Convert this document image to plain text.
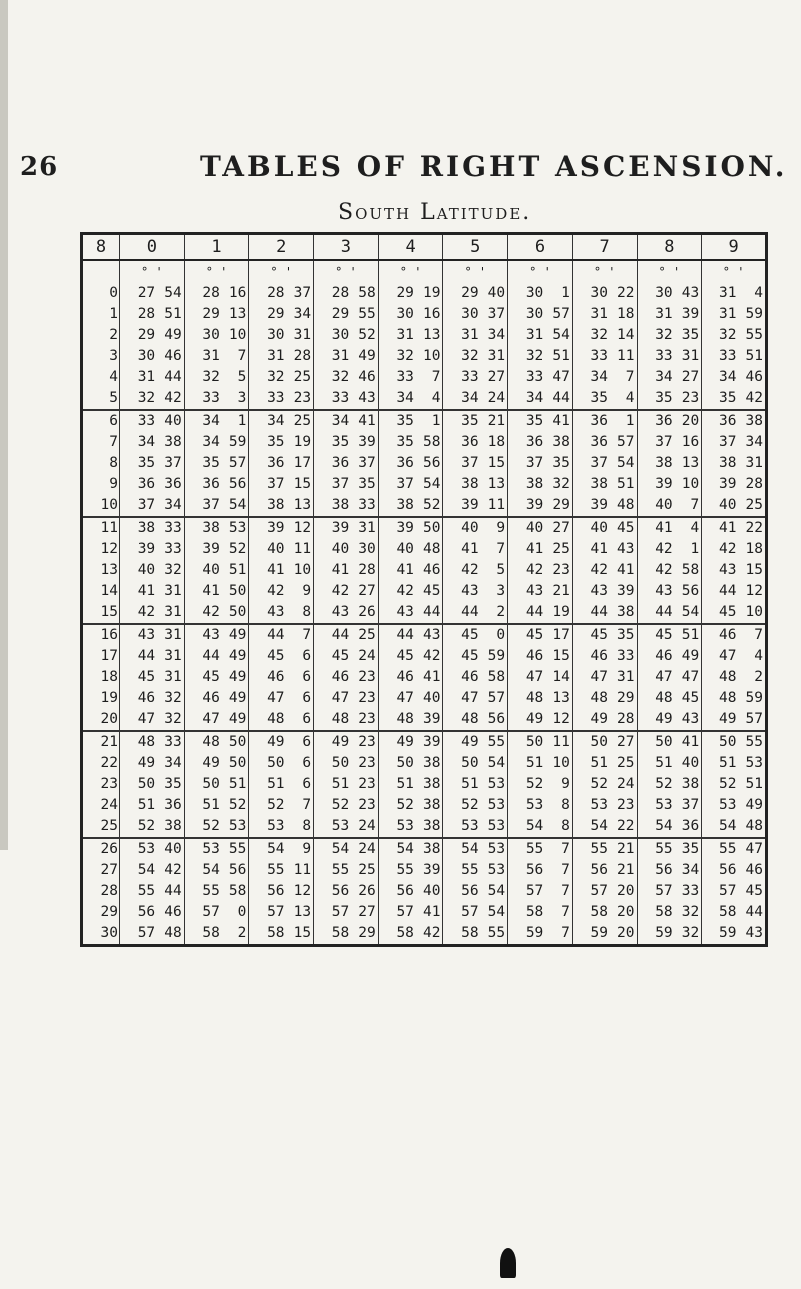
26	TABLES OF RIGHT ASCENSION.
South Latitude.
8	0	1	2	3	4	5	6	7	8	9
	° '	° '	° '	° '	° '	° '	° '	° '	° '	° '
0	27 54	28 16	28 37	28 58	29 19	29 40	30 1	30 22	30 43	31 4
1	28 51	29 13	29 34	29 55	30 16	30 37	30 57	31 18	31 39	31 59
2	29 49	30 10	30 31	30 52	31 13	31 34	31 54	32 14	32 35	32 55
3	30 46	31 7	31 28	31 49	32 10	32 31	32 51	33 11	33 31	33 51
4	31 44	32 5	32 25	32 46	33 7	33 27	33 47	34 7	34 27	34 46
5	32 42	33 3	33 23	33 43	34 4	34 24	34 44	35 4	35 23	35 42
6	33 40	34 1	34 25	34 41	35 1	35 21	35 41	36 1	36 20	36 38
7	34 38	34 59	35 19	35 39	35 58	36 18	36 38	36 57	37 16	37 34
8	35 37	35 57	36 17	36 37	36 56	37 15	37 35	37 54	38 13	38 31
9	36 36	36 56	37 15	37 35	37 54	38 13	38 32	38 51	39 10	39 28
10	37 34	37 54	38 13	38 33	38 52	39 11	39 29	39 48	40 7	40 25
11	38 33	38 53	39 12	39 31	39 50	40 9	40 27	40 45	41 4	41 22
12	39 33	39 52	40 11	40 30	40 48	41 7	41 25	41 43	42 1	42 18
13	40 32	40 51	41 10	41 28	41 46	42 5	42 23	42 41	42 58	43 15
14	41 31	41 50	42 9	42 27	42 45	43 3	43 21	43 39	43 56	44 12
15	42 31	42 50	43 8	43 26	43 44	44 2	44 19	44 38	44 54	45 10
16	43 31	43 49	44 7	44 25	44 43	45 0	45 17	45 35	45 51	46 7
17	44 31	44 49	45 6	45 24	45 42	45 59	46 15	46 33	46 49	47 4
18	45 31	45 49	46 6	46 23	46 41	46 58	47 14	47 31	47 47	48 2
19	46 32	46 49	47 6	47 23	47 40	47 57	48 13	48 29	48 45	48 59
20	47 32	47 49	48 6	48 23	48 39	48 56	49 12	49 28	49 43	49 57
21	48 33	48 50	49 6	49 23	49 39	49 55	50 11	50 27	50 41	50 55
22	49 34	49 50	50 6	50 23	50 38	50 54	51 10	51 25	51 40	51 53
23	50 35	50 51	51 6	51 23	51 38	51 53	52 9	52 24	52 38	52 51
24	51 36	51 52	52 7	52 23	52 38	52 53	53 8	53 23	53 37	53 49
25	52 38	52 53	53 8	53 24	53 38	53 53	54 8	54 22	54 36	54 48
26	53 40	53 55	54 9	54 24	54 38	54 53	55 7	55 21	55 35	55 47
27	54 42	54 56	55 11	55 25	55 39	55 53	56 7	56 21	56 34	56 46
28	55 44	55 58	56 12	56 26	56 40	56 54	57 7	57 20	57 33	57 45
29	56 46	57 0	57 13	57 27	57 41	57 54	58 7	58 20	58 32	58 44
30	57 48	58 2	58 15	58 29	58 42	58 55	59 7	59 20	59 32	59 43
